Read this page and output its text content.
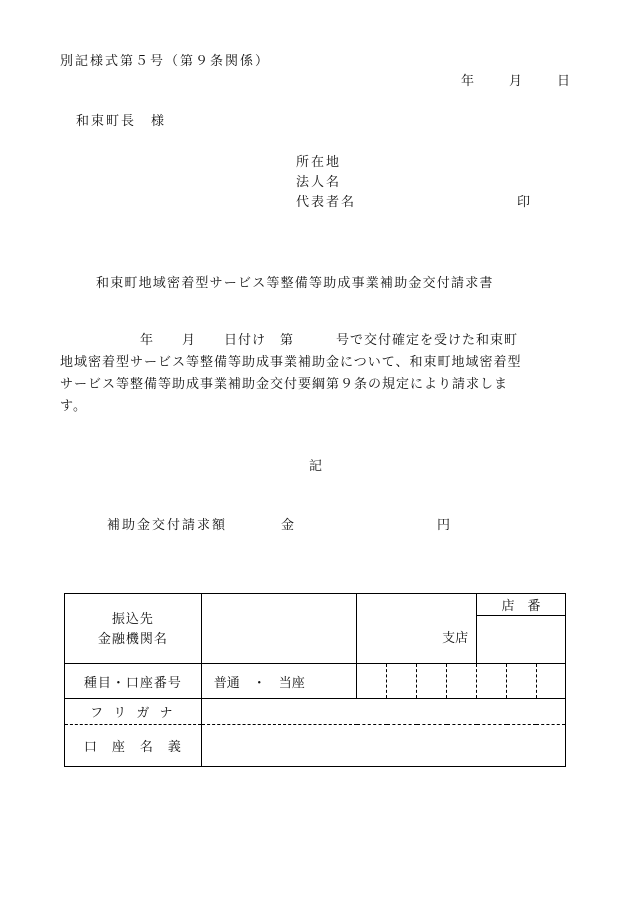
別記様式第５号（第９条関係）
年	月	日
和束町長　様
所在地
法人名
代表者名	印
和束町地域密着型サービス等整備等助成事業補助金交付請求書
年　　月　　日付け　第　　　号で交付確定を受けた和束町
地域密着型サービス等整備等助成事業補助金について、和束町地域密着型
サービス等整備等助成事業補助金交付要綱第９条の規定により請求しま
す。
記
補助金交付請求額	金	円
振込先
金融機関名		支店				店　番		

種目・口座番号	普通　・　当座							
フ リ ガ ナ								
口　座　名　義								
